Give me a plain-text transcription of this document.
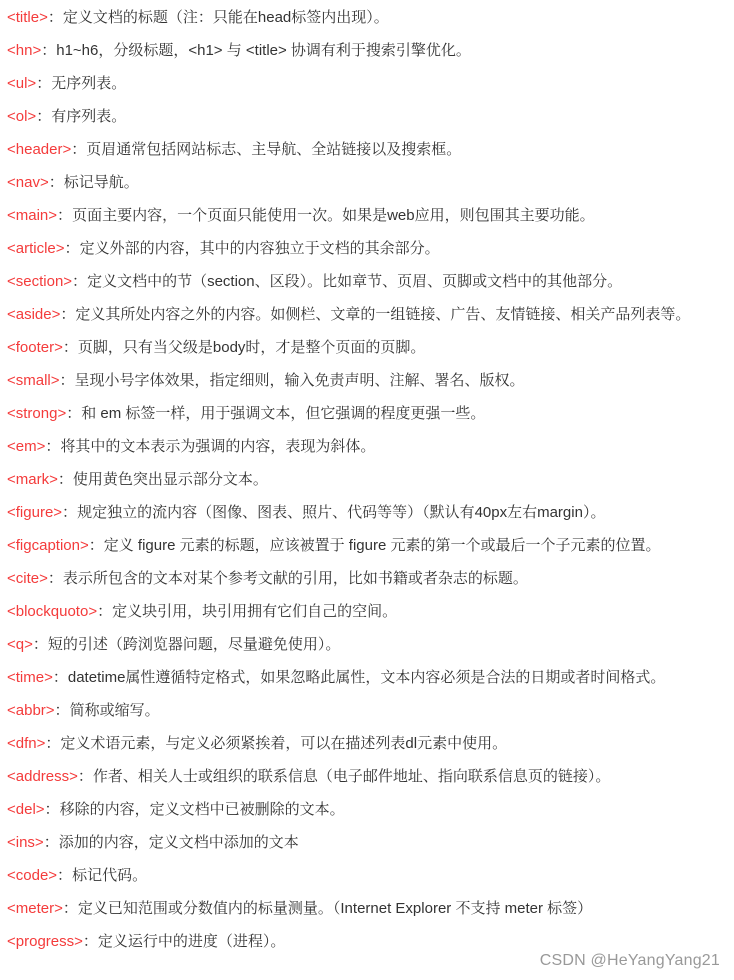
<title>：定义文档的标题（注：只能在head标签内出现）。
<hn>：h1~h6，分级标题，<h1> 与 <title> 协调有利于搜索引擎优化。
<ul>：无序列表。
<ol>：有序列表。
<header>：页眉通常包括网站标志、主导航、全站链接以及搜索框。
<nav>：标记导航。
<main>：页面主要内容，一个页面只能使用一次。如果是web应用，则包围其主要功能。
<article>：定义外部的内容，其中的内容独立于文档的其余部分。
<section>：定义文档中的节（section、区段）。比如章节、页眉、页脚或文档中的其他部分。
<aside>：定义其所处内容之外的内容。如侧栏、文章的一组链接、广告、友情链接、相关产品列表等。
<footer>：页脚，只有当父级是body时，才是整个页面的页脚。
<small>：呈现小号字体效果，指定细则，输入免责声明、注解、署名、版权。
<strong>：和 em 标签一样，用于强调文本，但它强调的程度更强一些。
<em>：将其中的文本表示为强调的内容，表现为斜体。
<mark>：使用黄色突出显示部分文本。
<figure>：规定独立的流内容（图像、图表、照片、代码等等）（默认有40px左右margin）。
<figcaption>：定义 figure 元素的标题，应该被置于 figure 元素的第一个或最后一个子元素的位置。
<cite>：表示所包含的文本对某个参考文献的引用，比如书籍或者杂志的标题。
<blockquoto>：定义块引用，块引用拥有它们自己的空间。
<q>：短的引述（跨浏览器问题，尽量避免使用）。
<time>：datetime属性遵循特定格式，如果忽略此属性，文本内容必须是合法的日期或者时间格式。
<abbr>：简称或缩写。
<dfn>：定义术语元素，与定义必须紧挨着，可以在描述列表dl元素中使用。
<address>：作者、相关人士或组织的联系信息（电子邮件地址、指向联系信息页的链接）。
<del>：移除的内容，定义文档中已被删除的文本。
<ins>：添加的内容，定义文档中添加的文本
<code>：标记代码。
<meter>：定义已知范围或分数值内的标量测量。（Internet Explorer 不支持 meter 标签）
<progress>：定义运行中的进度（进程）。
CSDN @HeYangYang21
